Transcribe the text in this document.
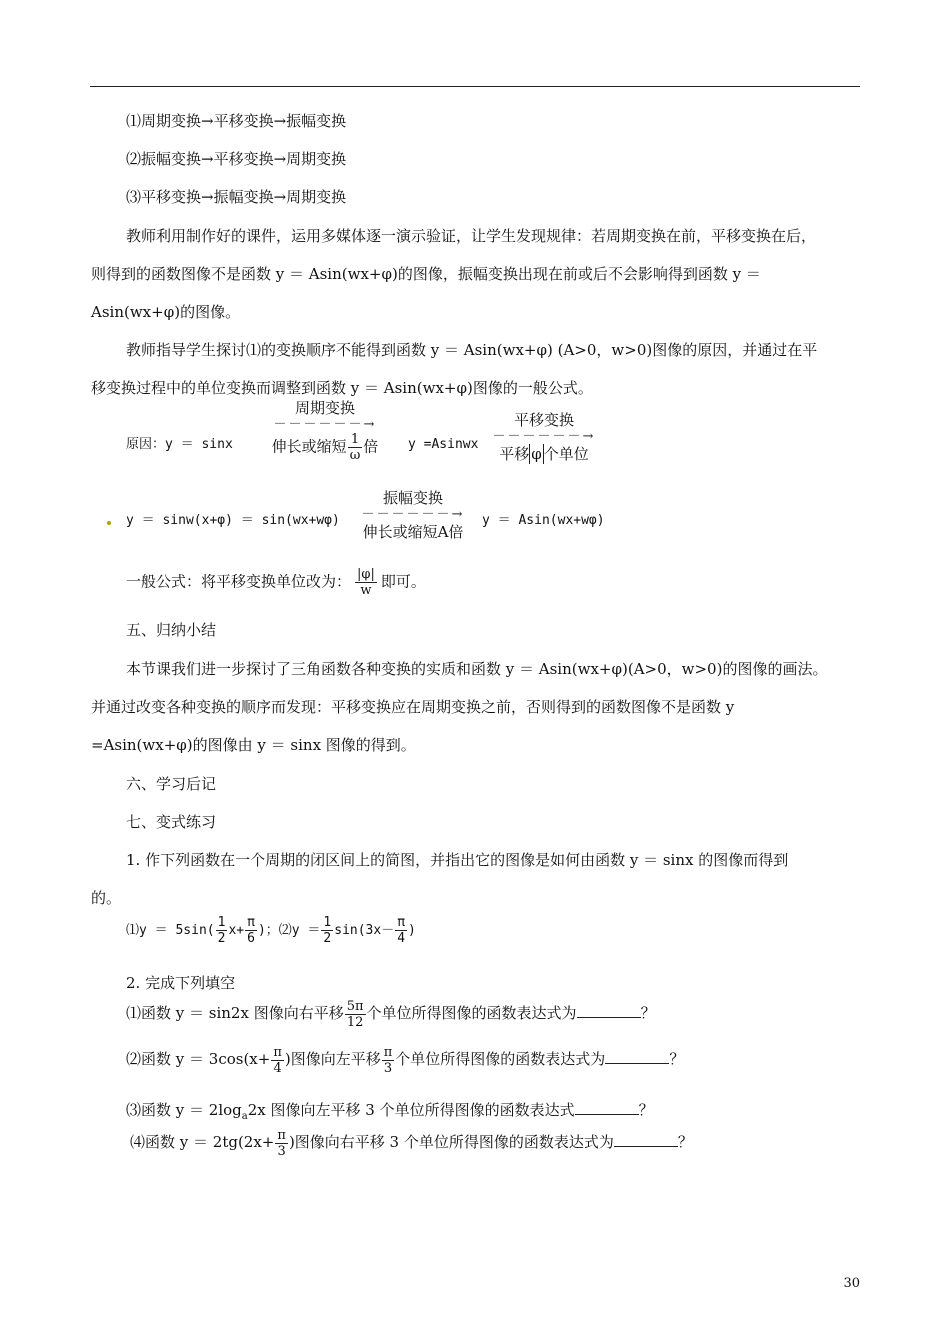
⑴周期变换→平移变换→振幅变换
⑵振幅变换→平移变换→周期变换
⑶平移变换→振幅变换→周期变换
教师利用制作好的课件，运用多媒体逐一演示验证，让学生发现规律：若周期变换在前，平移变换在后，
则得到的函数图像不是函数 y ＝ Asin(wx+φ)的图像，振幅变换出现在前或后不会影响得到函数 y ＝
Asin(wx+φ)的图像。
教师指导学生探讨⑴的变换顺序不能得到函数 y ＝ Asin(wx+φ) (A>0，w>0)图像的原因，并通过在平
移变换过程中的单位变换而调整到函数 y ＝ Asin(wx+φ)图像的一般公式。
原因：y ＝ sinx
周期变换
－－－－－－→
伸长或缩短 $\frac{1}{\omega}$ 倍	y =Asinwx
平移变换
－－－－－－→
平移 φ 个单位
y ＝ sinw(x+φ) ＝ sin(wx+wφ)
振幅变换
－－－－－－→
伸长或缩短A倍
y ＝ Asin(wx+wφ)
一般公式：将平移变换单位改为： $\frac{|\varphi|}{w}$ 即可。
五、归纳小结
本节课我们进一步探讨了三角函数各种变换的实质和函数 y ＝ Asin(wx+φ)(A>0，w>0)的图像的画法。
并通过改变各种变换的顺序而发现：平移变换应在周期变换之前，否则得到的函数图像不是函数 y
=Asin(wx+φ)的图像由 y ＝ sinx 图像的得到。
六、学习后记
七、变式练习
1. 作下列函数在一个周期的闭区间上的简图，并指出它的图像是如何由函数 y ＝ sinx 的图像而得到
的。
⑴y ＝ $5\sin( \frac{1}{2} x+ \frac{\pi}{6}$ )；⑵y ＝ $\frac{1}{2} \sin(3x- \frac{\pi}{4}$ )
2. 完成下列填空
⑴函数 y ＝ sin2x 图像向右平移 $\frac{5\pi}{12}$ 个单位所得图像的函数表达式为	？
⑵函数 $y = 3\cos(x+ \frac{\pi}{4}$ )图像向左平移 $\frac{\pi}{3}$ 个单位所得图像的函数表达式为	？
⑶函数 $y = 2\log_a2x$ 图像向左平移 3 个单位所得图像的函数表达式	？
⑷函数 $y = 2tg(2x+ \frac{\pi}{3}$ )图像向右平移 3 个单位所得图像的函数表达式为	？
30
